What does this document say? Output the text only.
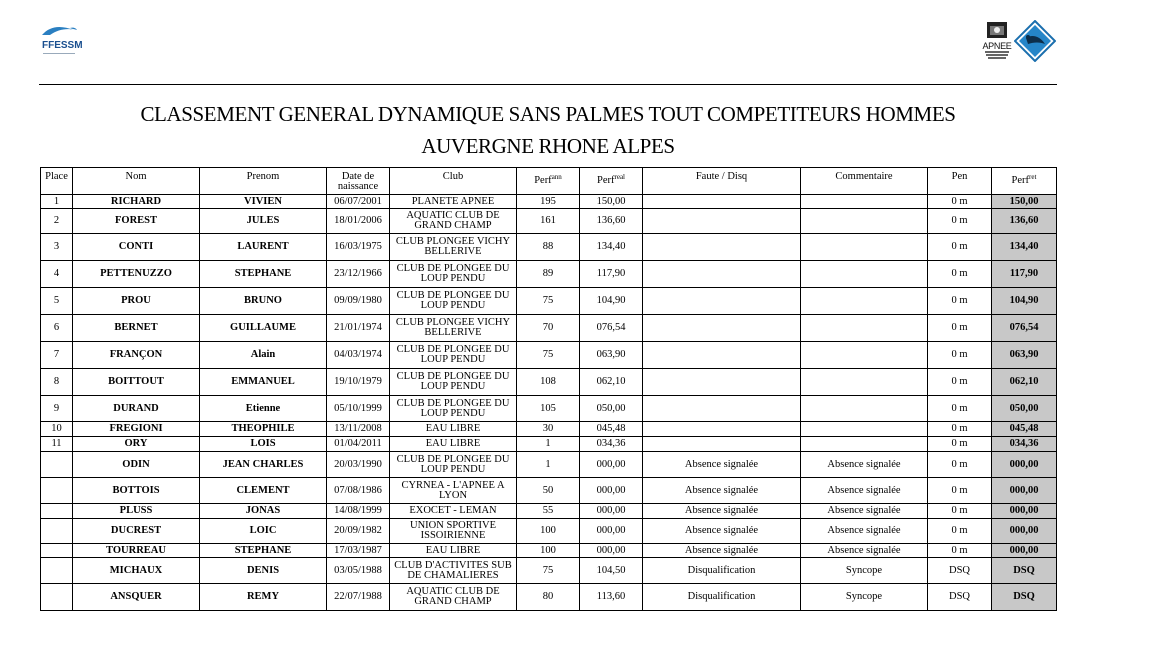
FFESSM	APNEE
CLASSEMENT GENERAL DYNAMIQUE SANS PALMES TOUT COMPETITEURS HOMMES
AUVERGNE RHONE ALPES
Place	Nom	Prenom	Date de naissance	Club	Perf$^{ann}$	Perf$^{real}$	Faute / Disq	Commentaire	Pen	Perf$^{ret}$
1	RICHARD	VIVIEN	06/07/2001	PLANETE APNEE	195	150,00			0 m	150,00
2	FOREST	JULES	18/01/2006	AQUATIC CLUB DE GRAND CHAMP	161	136,60			0 m	136,60
3	CONTI	LAURENT	16/03/1975	CLUB PLONGEE VICHY BELLERIVE	88	134,40			0 m	134,40
4	PETTENUZZO	STEPHANE	23/12/1966	CLUB DE PLONGEE DU LOUP PENDU	89	117,90			0 m	117,90
5	PROU	BRUNO	09/09/1980	CLUB DE PLONGEE DU LOUP PENDU	75	104,90			0 m	104,90
6	BERNET	GUILLAUME	21/01/1974	CLUB PLONGEE VICHY BELLERIVE	70	076,54			0 m	076,54
7	FRANÇON	Alain	04/03/1974	CLUB DE PLONGEE DU LOUP PENDU	75	063,90			0 m	063,90
8	BOITTOUT	EMMANUEL	19/10/1979	CLUB DE PLONGEE DU LOUP PENDU	108	062,10			0 m	062,10
9	DURAND	Etienne	05/10/1999	CLUB DE PLONGEE DU LOUP PENDU	105	050,00			0 m	050,00
10	FREGIONI	THEOPHILE	13/11/2008	EAU LIBRE	30	045,48			0 m	045,48
11	ORY	LOIS	01/04/2011	EAU LIBRE	1	034,36			0 m	034,36
	ODIN	JEAN CHARLES	20/03/1990	CLUB DE PLONGEE DU LOUP PENDU	1	000,00	Absence signalée	Absence signalée	0 m	000,00
	BOTTOIS	CLEMENT	07/08/1986	CYRNEA - L'APNEE A LYON	50	000,00	Absence signalée	Absence signalée	0 m	000,00
	PLUSS	JONAS	14/08/1999	EXOCET - LEMAN	55	000,00	Absence signalée	Absence signalée	0 m	000,00
	DUCREST	LOIC	20/09/1982	UNION SPORTIVE ISSOIRIENNE	100	000,00	Absence signalée	Absence signalée	0 m	000,00
	TOURREAU	STEPHANE	17/03/1987	EAU LIBRE	100	000,00	Absence signalée	Absence signalée	0 m	000,00
	MICHAUX	DENIS	03/05/1988	CLUB D'ACTIVITES SUB DE CHAMALIERES	75	104,50	Disqualification	Syncope	DSQ	DSQ
	ANSQUER	REMY	22/07/1988	AQUATIC CLUB DE GRAND CHAMP	80	113,60	Disqualification	Syncope	DSQ	DSQ
